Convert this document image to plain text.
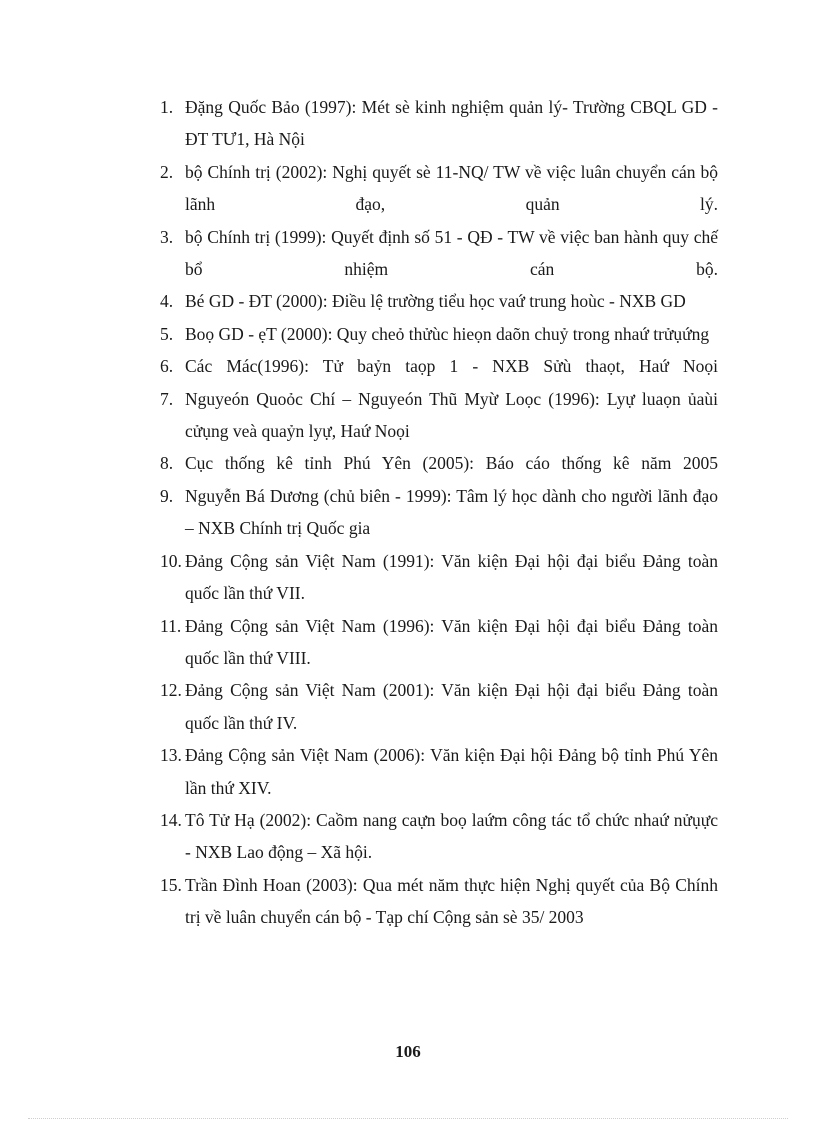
1. Đặng Quốc Bảo (1997): Mét sè kinh nghiệm quản lý- Trường CBQL GD - ĐT TƯ1, Hà Nội
2. bộ Chính trị (2002): Nghị quyết sè 11-NQ/ TW về việc luân chuyển cán bộ lãnh đạo, quản lý.
3. bộ Chính trị (1999): Quyết định số 51 - QĐ - TW về việc ban hành quy chế bổ nhiệm cán bộ.
4. Bé GD - ĐT (2000): Điều lệ trường tiểu học vaứ trung hoùc - NXB GD
5. Boọ GD - ẹT (2000): Quy cheỏ thửùc hieọn daõn chuỷ trong nhaứ trửụứng
6. Các Mác(1996): Tử baỷn taọp 1 - NXB Sửù thaọt, Haứ Noọi
7. Nguyeón Quoỏc Chí – Nguyeón Thũ Myừ Loọc (1996): Lyự luaọn ủaùi cửụng veà quaỷn lyự, Haứ Noọi
8. Cục thống kê tỉnh Phú Yên (2005): Báo cáo thống kê năm 2005
9. Nguyễn Bá Dương (chủ biên - 1999): Tâm lý học dành cho người lãnh đạo – NXB Chính trị Quốc gia
10. Đảng Cộng sản Việt Nam (1991): Văn kiện Đại hội đại biểu Đảng toàn quốc lần thứ VII.
11. Đảng Cộng sản Việt Nam (1996): Văn kiện Đại hội đại biểu Đảng toàn quốc lần thứ VIII.
12. Đảng Cộng sản Việt Nam (2001): Văn kiện Đại hội đại biểu Đảng toàn quốc lần thứ IV.
13. Đảng Cộng sản Việt Nam (2006): Văn kiện Đại hội Đảng bộ tỉnh Phú Yên lần thứ XIV.
14. Tô Tử Hạ (2002): Caồm nang caựn boọ laứm công tác tổ chức nhaứ nửụực - NXB Lao động – Xã hội.
15. Trần Đình Hoan (2003): Qua mét năm thực hiện Nghị quyết của Bộ Chính trị về luân chuyển cán bộ - Tạp chí Cộng sản sè 35/ 2003
106
